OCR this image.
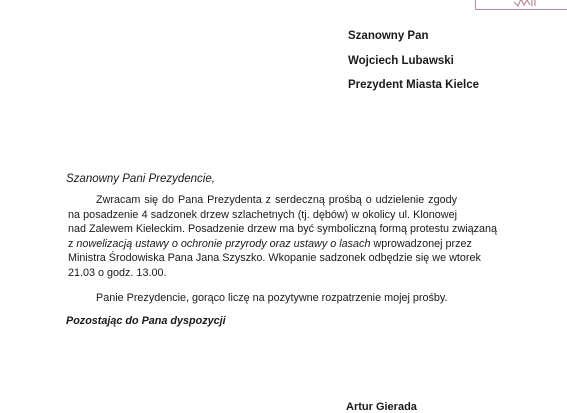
Szanowny Pan
Wojciech Lubawski
Prezydent Miasta Kielce
Szanowny Pani Prezydencie,

Zwracam się do Pana Prezydenta z serdeczną prośbą o udzielenie zgody
na posadzenie 4 sadzonek drzew szlachetnych (tj. dębów) w okolicy ul. Klonowej
nad Zalewem Kieleckim. Posadzenie drzew ma być symboliczną formą protestu związaną
z nowelizacją ustawy o ochronie przyrody oraz ustawy o lasach wprowadzonej przez
Ministra Środowiska Pana Jana Szyszko. Wkopanie sadzonek odbędzie się we wtorek
21.03 o godz. 13.00.

Panie Prezydencie, gorąco liczę na pozytywne rozpatrzenie mojej prośby.
Pozostając do Pana dyspozycji
Artur Gierada
